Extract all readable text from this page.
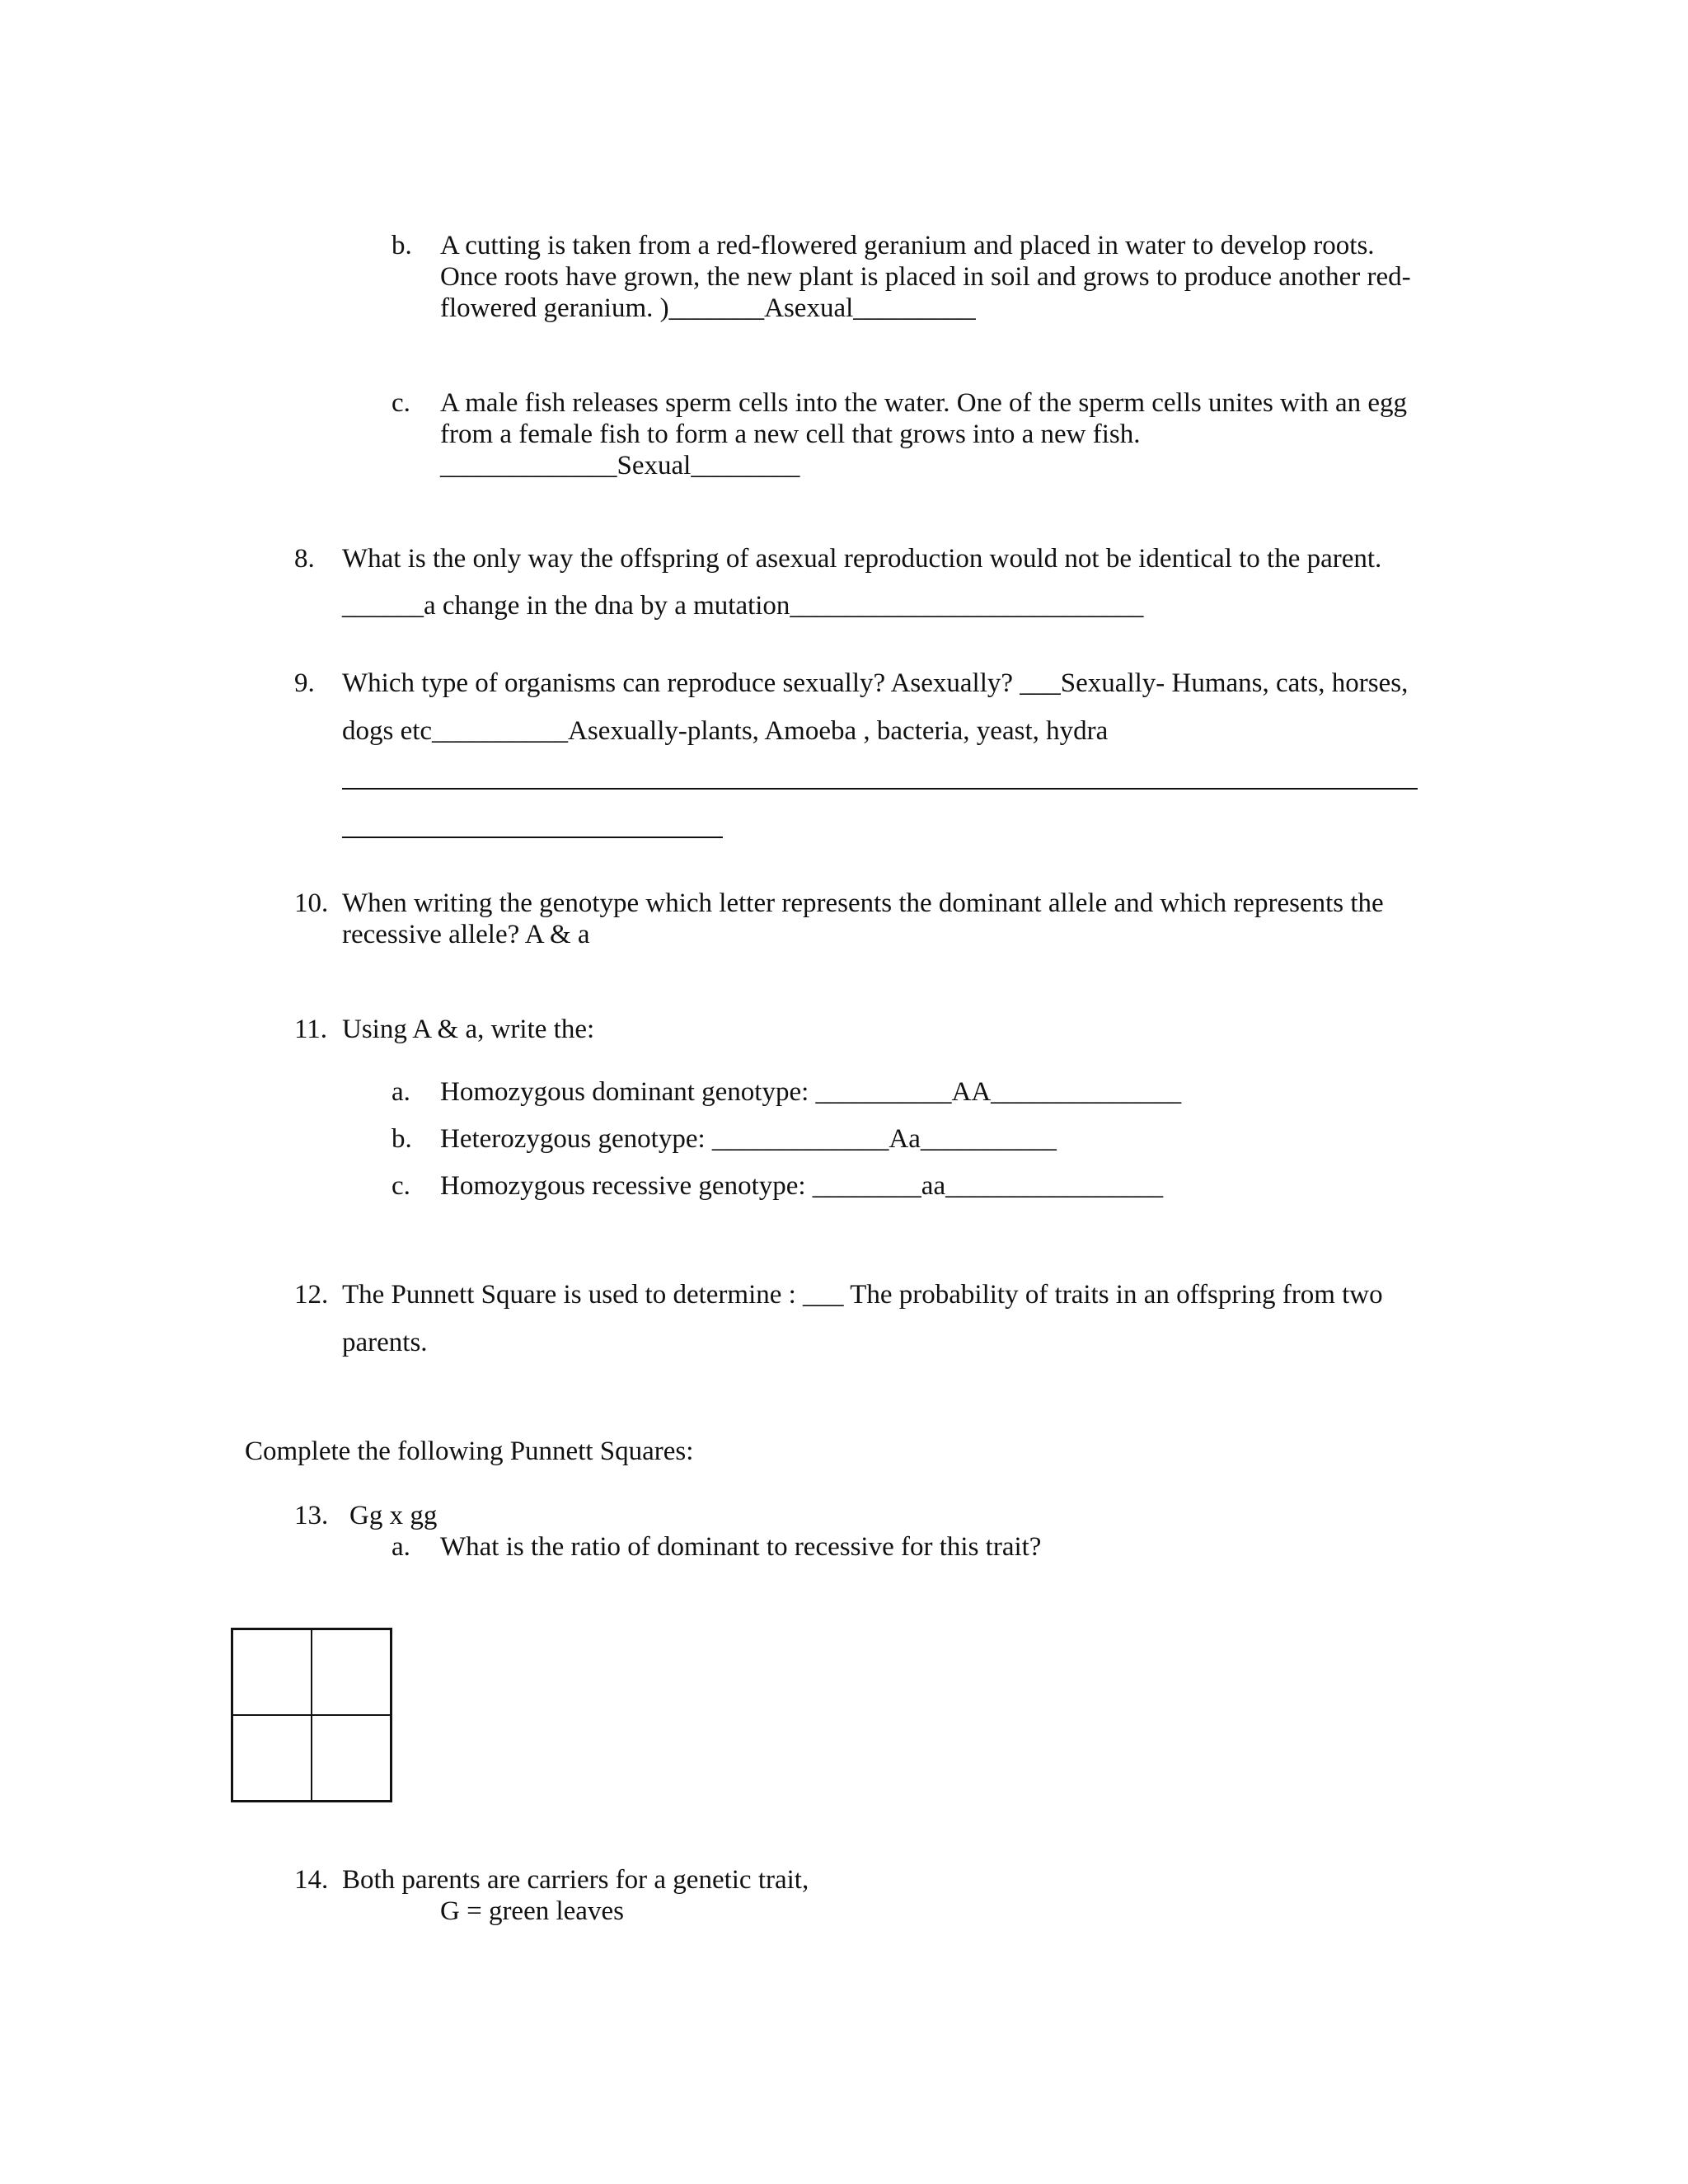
b. A cutting is taken from a red-flowered geranium and placed in water to develop roots.
Once roots have grown, the new plant is placed in soil and grows to produce another red-
flowered geranium. )_______Asexual_________
c. A male fish releases sperm cells into the water. One of the sperm cells unites with an egg
from a female fish to form a new cell that grows into a new fish.
_____________Sexual________
8. What is the only way the offspring of asexual reproduction would not be identical to the parent.
______a change in the dna by a mutation__________________________
9. Which type of organisms can reproduce sexually? Asexually? ___Sexually- Humans, cats, horses,
dogs etc__________Asexually-plants, Amoeba , bacteria, yeast, hydra
10. When writing the genotype which letter represents the dominant allele and which represents the
recessive allele? A & a
11. Using A & a, write the:
a. Homozygous dominant genotype: __________AA______________
b. Heterozygous genotype: _____________Aa__________
c. Homozygous recessive genotype: ________aa________________
12. The Punnett Square is used to determine : ___ The probability of traits in an offspring from two
parents.
Complete the following Punnett Squares:
13. Gg x gg
a. What is the ratio of dominant to recessive for this trait?
14. Both parents are carriers for a genetic trait,
G = green leaves
